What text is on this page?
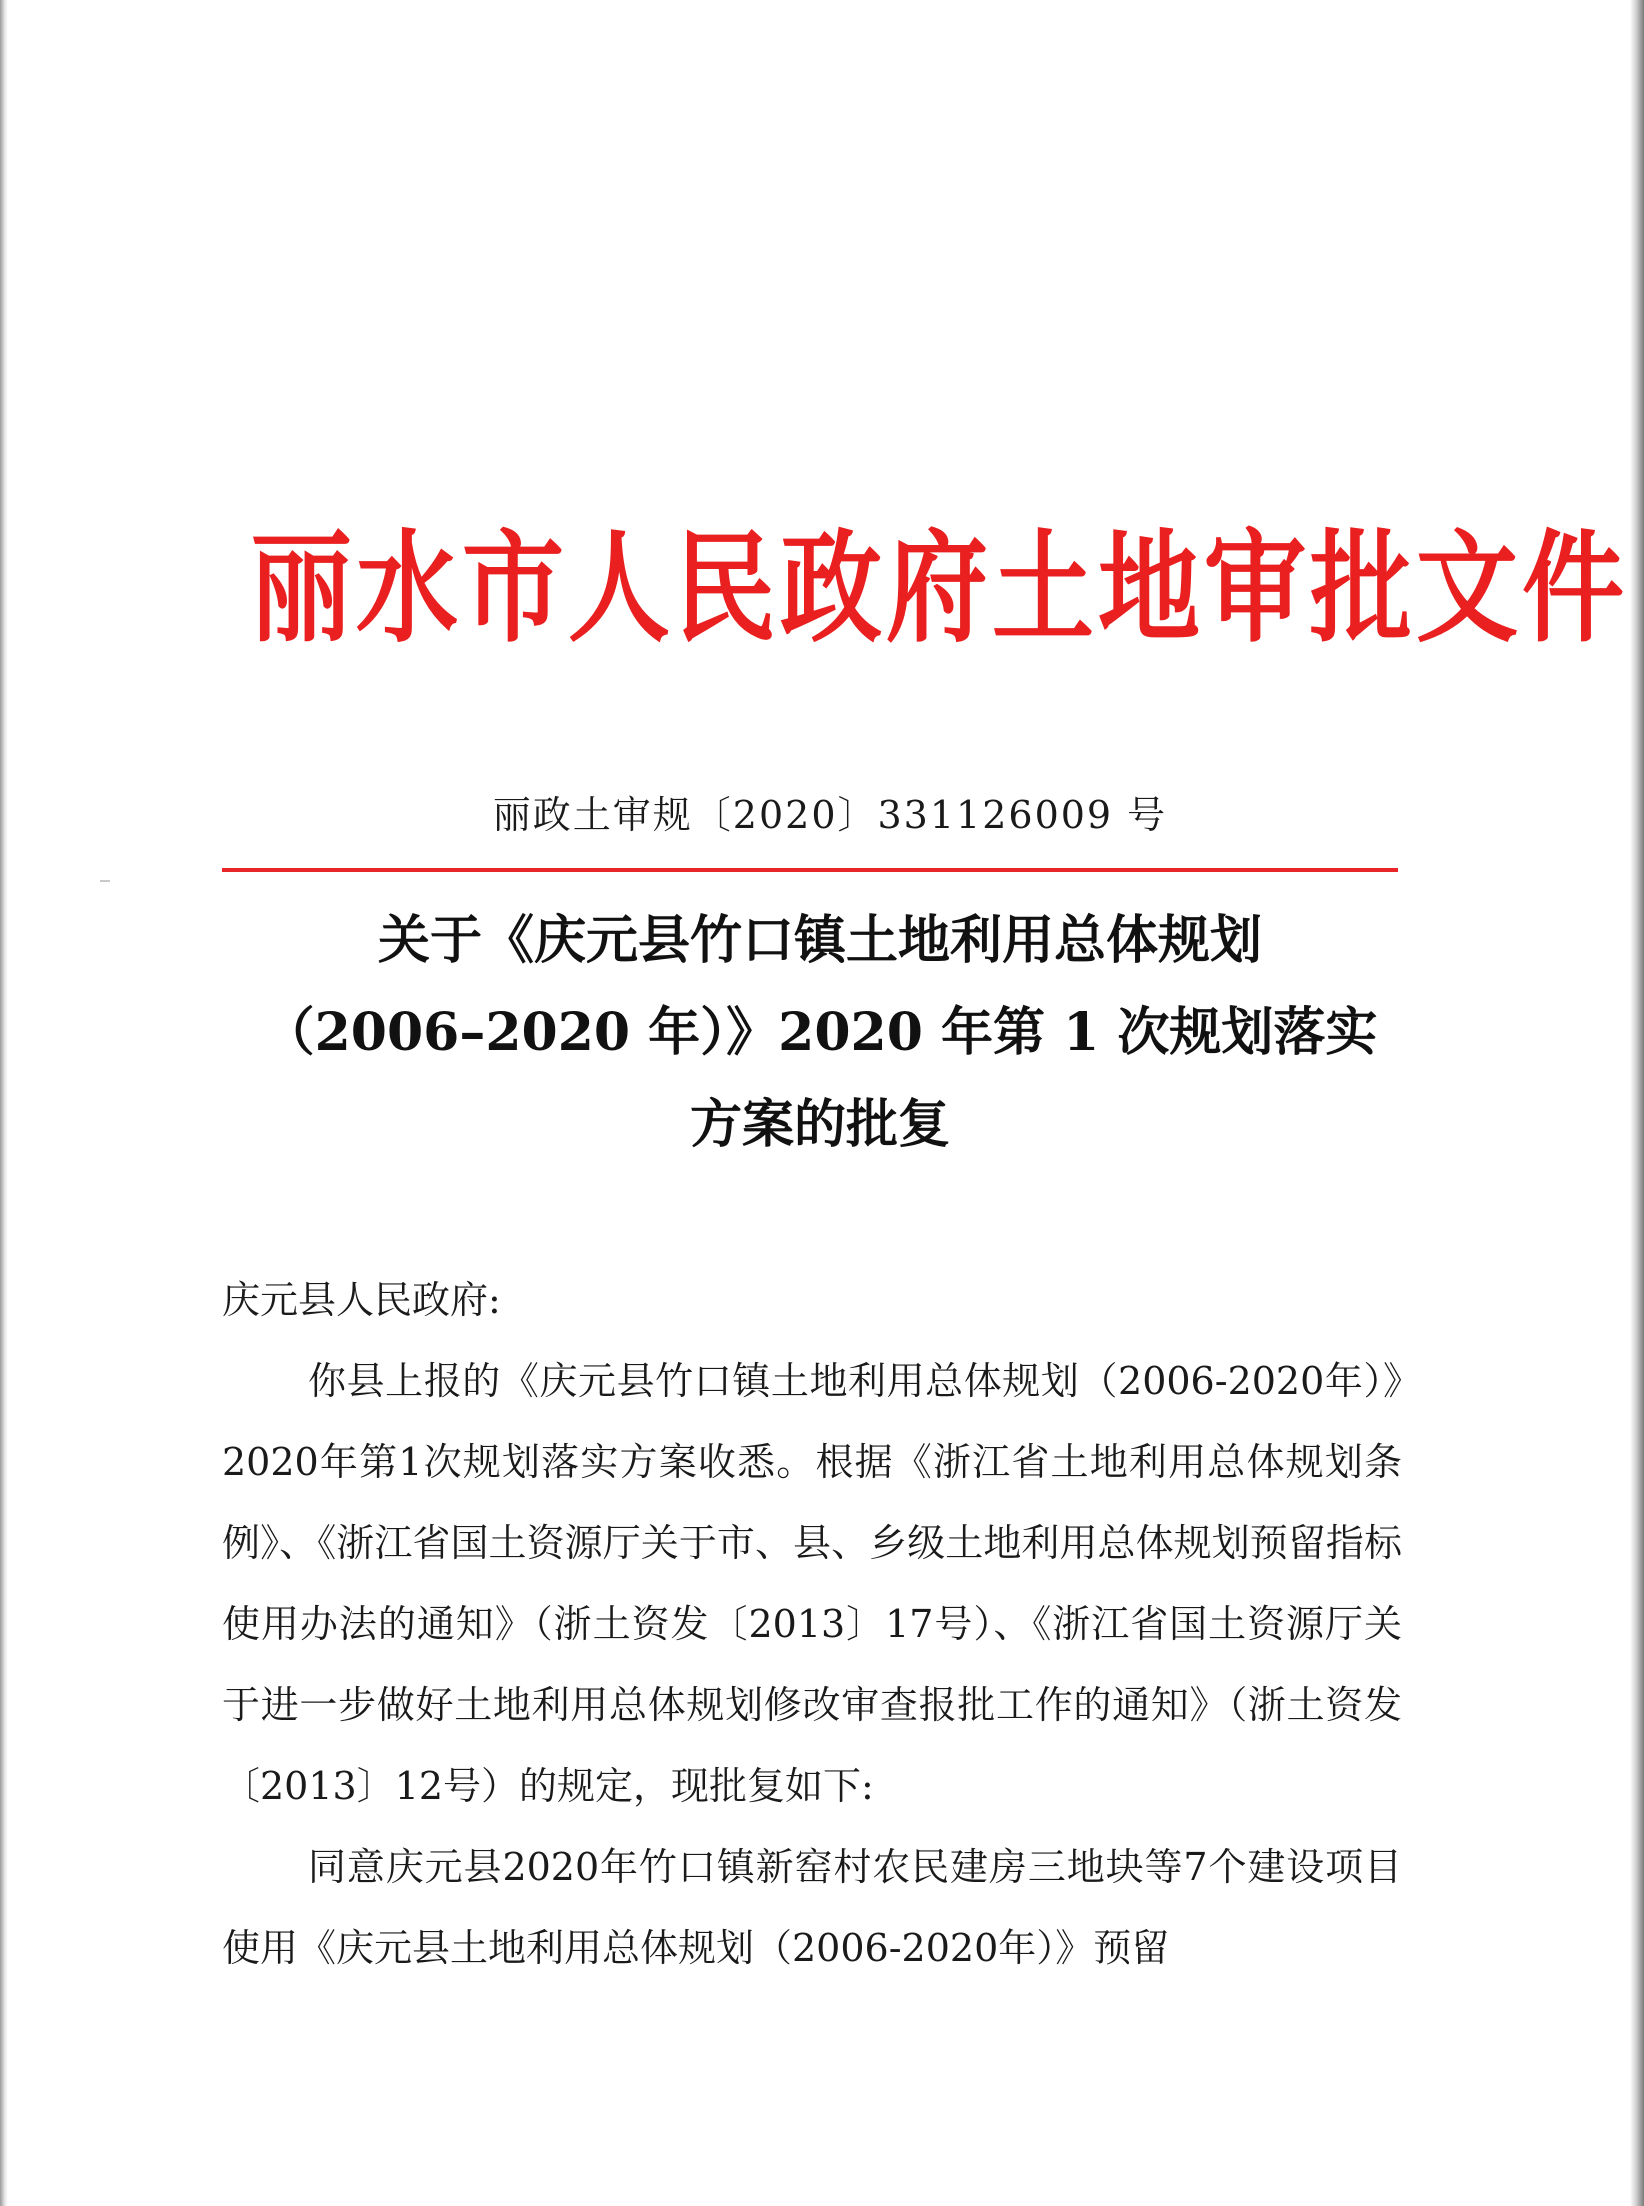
丽水市人民政府土地审批文件
丽政土审规〔2020〕331126009 号
关于《庆元县竹口镇土地利用总体规划
（2006–2020 年）》2020 年第 1 次规划落实
方案的批复

庆元县人民政府:

你县上报的《庆元县竹口镇土地利用总体规划（2006-2020年）》2020年第1次规划落实方案收悉。根据《浙江省土地利用总体规划条例》、《浙江省国土资源厅关于市、县、乡级土地利用总体规划预留指标使用办法的通知》（浙土资发〔2013〕17号）、《浙江省国土资源厅关于进一步做好土地利用总体规划修改审查报批工作的通知》（浙土资发〔2013〕12号）的规定，现批复如下:

同意庆元县2020年竹口镇新窑村农民建房三地块等7个建设项目使用《庆元县土地利用总体规划（2006-2020年）》预留
